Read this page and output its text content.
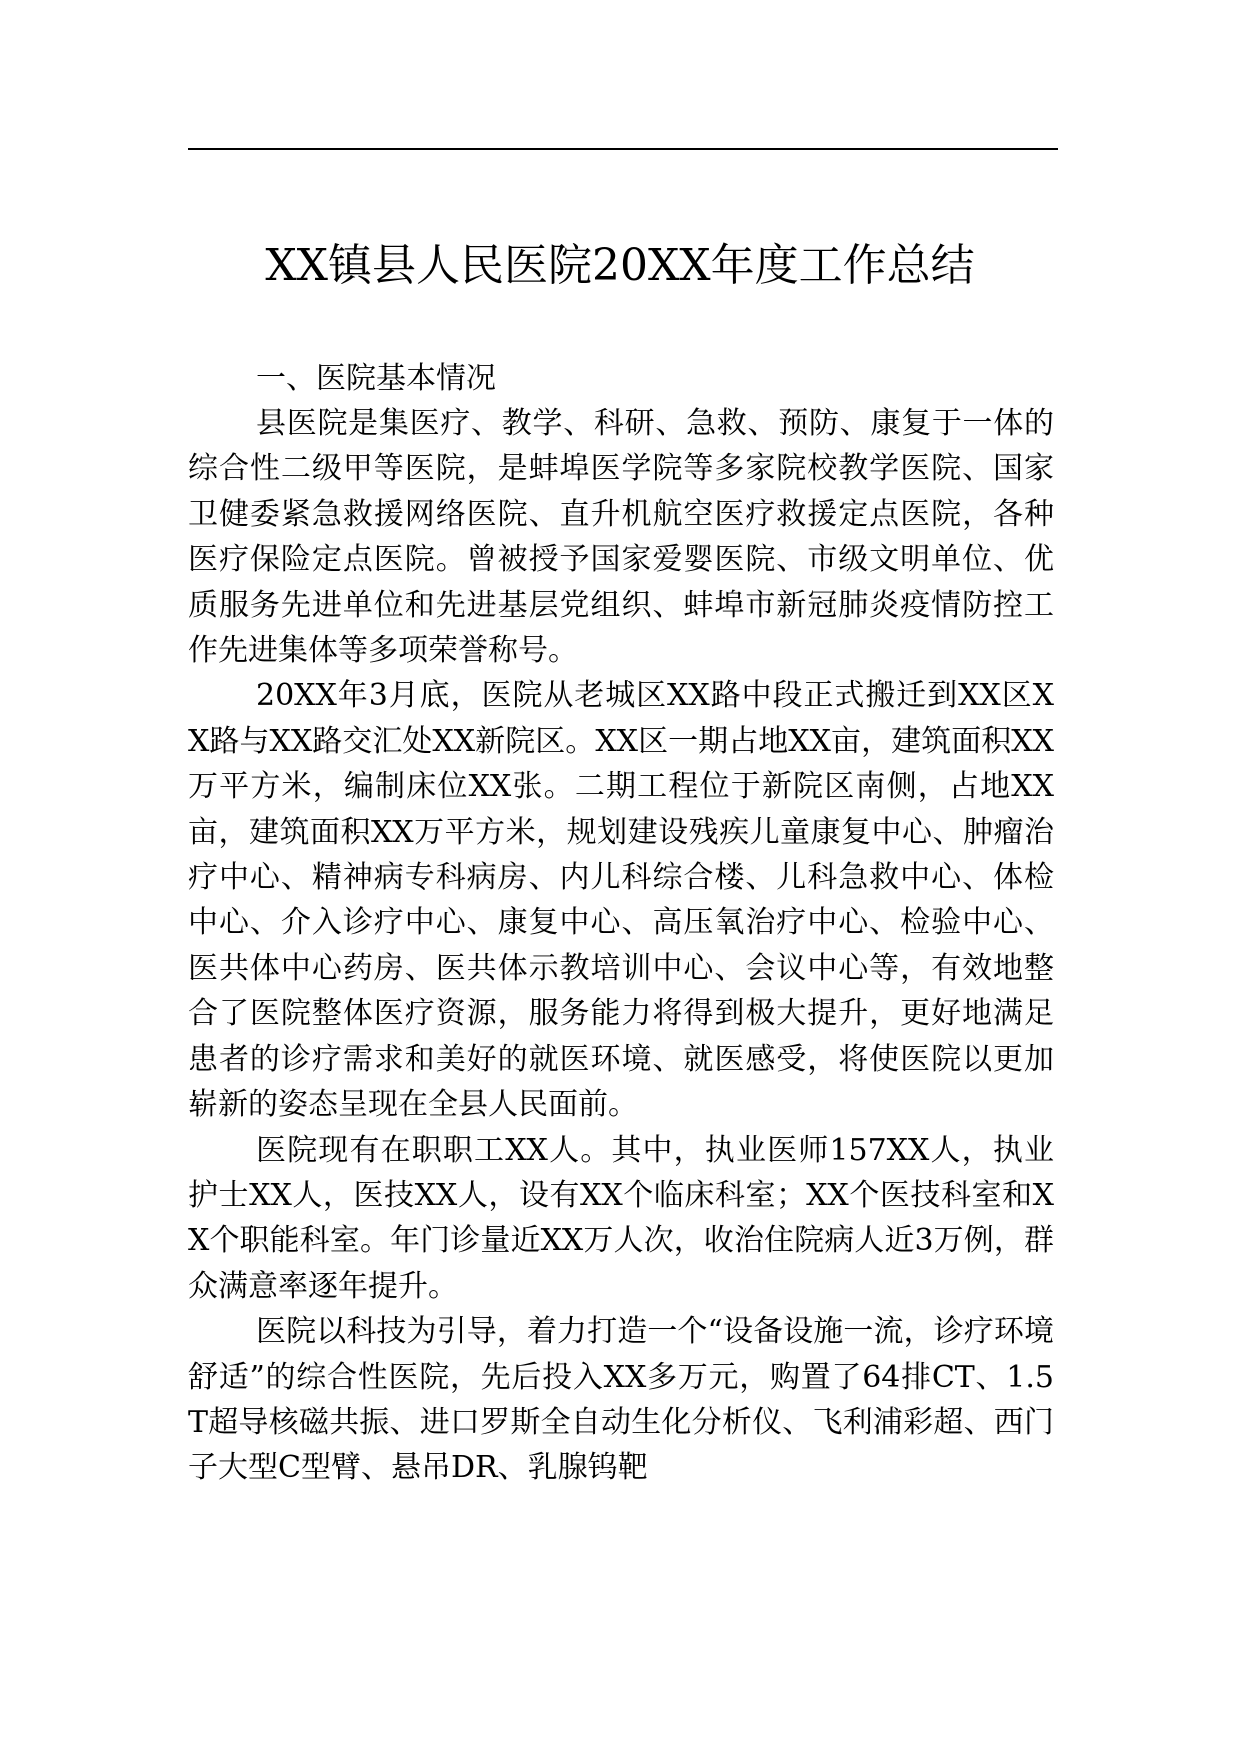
XX镇县人民医院20XX年度工作总结
一、医院基本情况

县医院是集医疗、教学、科研、急救、预防、康复于一体的综合性二级甲等医院，是蚌埠医学院等多家院校教学医院、国家卫健委紧急救援网络医院、直升机航空医疗救援定点医院，各种医疗保险定点医院。曾被授予国家爱婴医院、市级文明单位、优质服务先进单位和先进基层党组织、蚌埠市新冠肺炎疫情防控工作先进集体等多项荣誉称号。

20XX年3月底，医院从老城区XX路中段正式搬迁到XX区XX路与XX路交汇处XX新院区。XX区一期占地XX亩，建筑面积XX万平方米，编制床位XX张。二期工程位于新院区南侧，占地XX亩，建筑面积XX万平方米，规划建设残疾儿童康复中心、肿瘤治疗中心、精神病专科病房、内儿科综合楼、儿科急救中心、体检中心、介入诊疗中心、康复中心、高压氧治疗中心、检验中心、医共体中心药房、医共体示教培训中心、会议中心等，有效地整合了医院整体医疗资源，服务能力将得到极大提升，更好地满足患者的诊疗需求和美好的就医环境、就医感受，将使医院以更加崭新的姿态呈现在全县人民面前。

医院现有在职职工XX人。其中，执业医师157XX人，执业护士XX人，医技XX人，设有XX个临床科室；XX个医技科室和XX个职能科室。年门诊量近XX万人次，收治住院病人近3万例，群众满意率逐年提升。

医院以科技为引导，着力打造一个“设备设施一流，诊疗环境舒适”的综合性医院，先后投入XX多万元，购置了64排CT、1.5T超导核磁共振、进口罗斯全自动生化分析仪、飞利浦彩超、西门子大型C型臂、悬吊DR、乳腺钨靶
